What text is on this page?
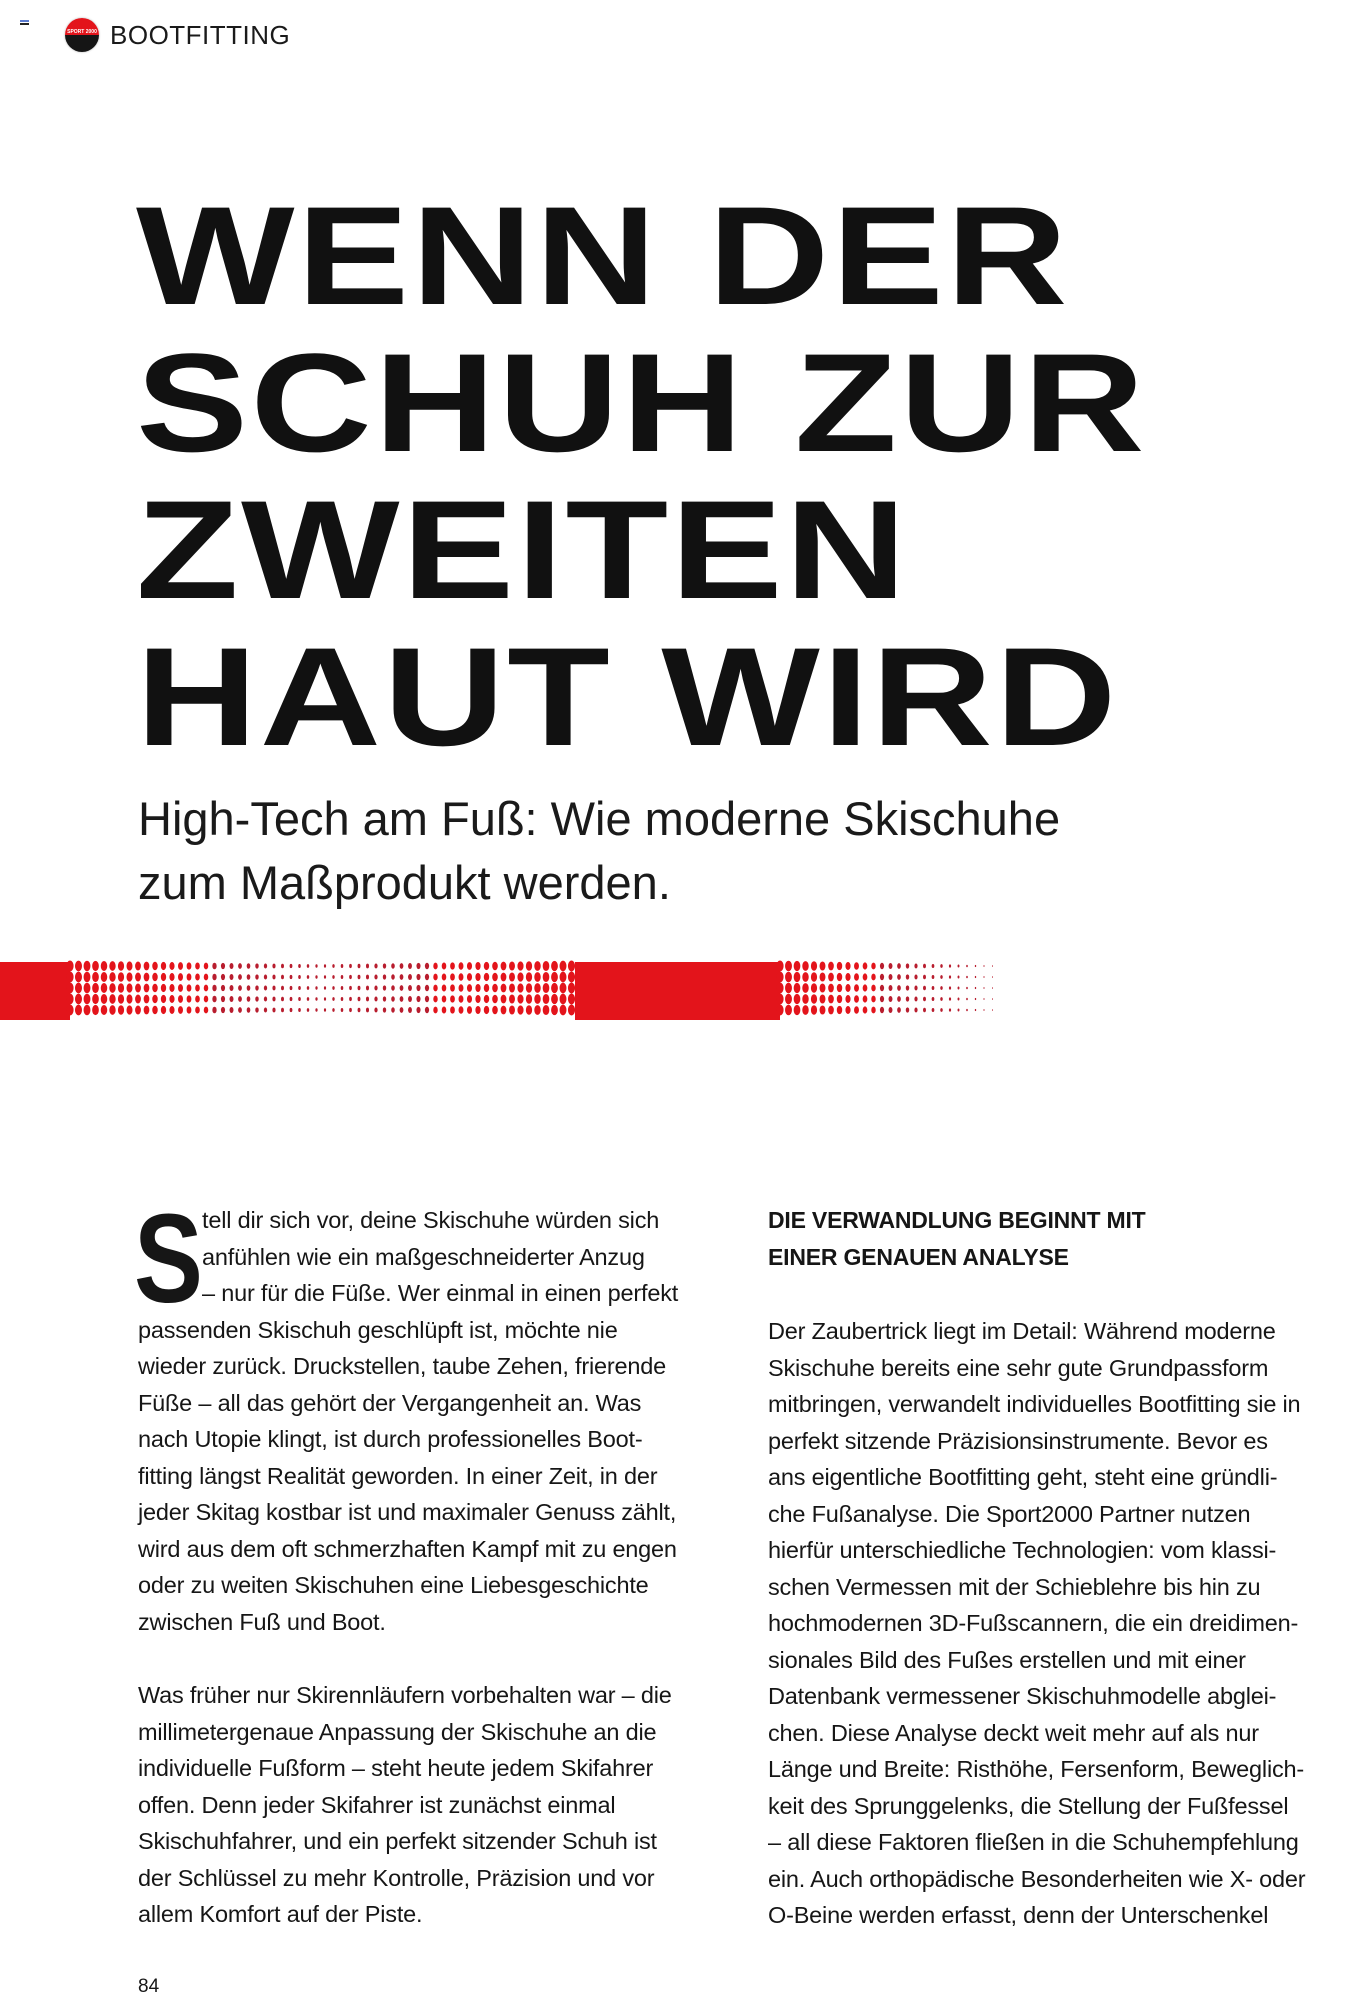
SPORT 2000 BOOTFITTING
WENN DER
SCHUH ZUR
ZWEITEN
HAUT WIRD
High-Tech am Fuß: Wie moderne Skischuhe
zum Maßprodukt werden.
S tell dir sich vor, deine Skischuhe würden sich
anfühlen wie ein maßgeschneiderter Anzug
– nur für die Füße. Wer einmal in einen perfekt
passenden Skischuh geschlüpft ist, möchte nie
wieder zurück. Druckstellen, taube Zehen, frierende
Füße – all das gehört der Vergangenheit an. Was
nach Utopie klingt, ist durch professionelles Boot-
fitting längst Realität geworden. In einer Zeit, in der
jeder Skitag kostbar ist und maximaler Genuss zählt,
wird aus dem oft schmerzhaften Kampf mit zu engen
oder zu weiten Skischuhen eine Liebesgeschichte
zwischen Fuß und Boot.
Was früher nur Skirennläufern vorbehalten war – die
millimetergenaue Anpassung der Skischuhe an die
individuelle Fußform – steht heute jedem Skifahrer
offen. Denn jeder Skifahrer ist zunächst einmal
Skischuhfahrer, und ein perfekt sitzender Schuh ist
der Schlüssel zu mehr Kontrolle, Präzision und vor
allem Komfort auf der Piste.
DIE VERWANDLUNG BEGINNT MIT
EINER GENAUEN ANALYSE
Der Zaubertrick liegt im Detail: Während moderne
Skischuhe bereits eine sehr gute Grundpassform
mitbringen, verwandelt individuelles Bootfitting sie in
perfekt sitzende Präzisionsinstrumente. Bevor es
ans eigentliche Bootfitting geht, steht eine gründli-
che Fußanalyse. Die Sport2000 Partner nutzen
hierfür unterschiedliche Technologien: vom klassi-
schen Vermessen mit der Schieblehre bis hin zu
hochmodernen 3D-Fußscannern, die ein dreidimen-
sionales Bild des Fußes erstellen und mit einer
Datenbank vermessener Skischuhmodelle abglei-
chen. Diese Analyse deckt weit mehr auf als nur
Länge und Breite: Risthöhe, Fersenform, Beweglich-
keit des Sprunggelenks, die Stellung der Fußfessel
– all diese Faktoren fließen in die Schuhempfehlung
ein. Auch orthopädische Besonderheiten wie X- oder
O-Beine werden erfasst, denn der Unterschenkel
84
